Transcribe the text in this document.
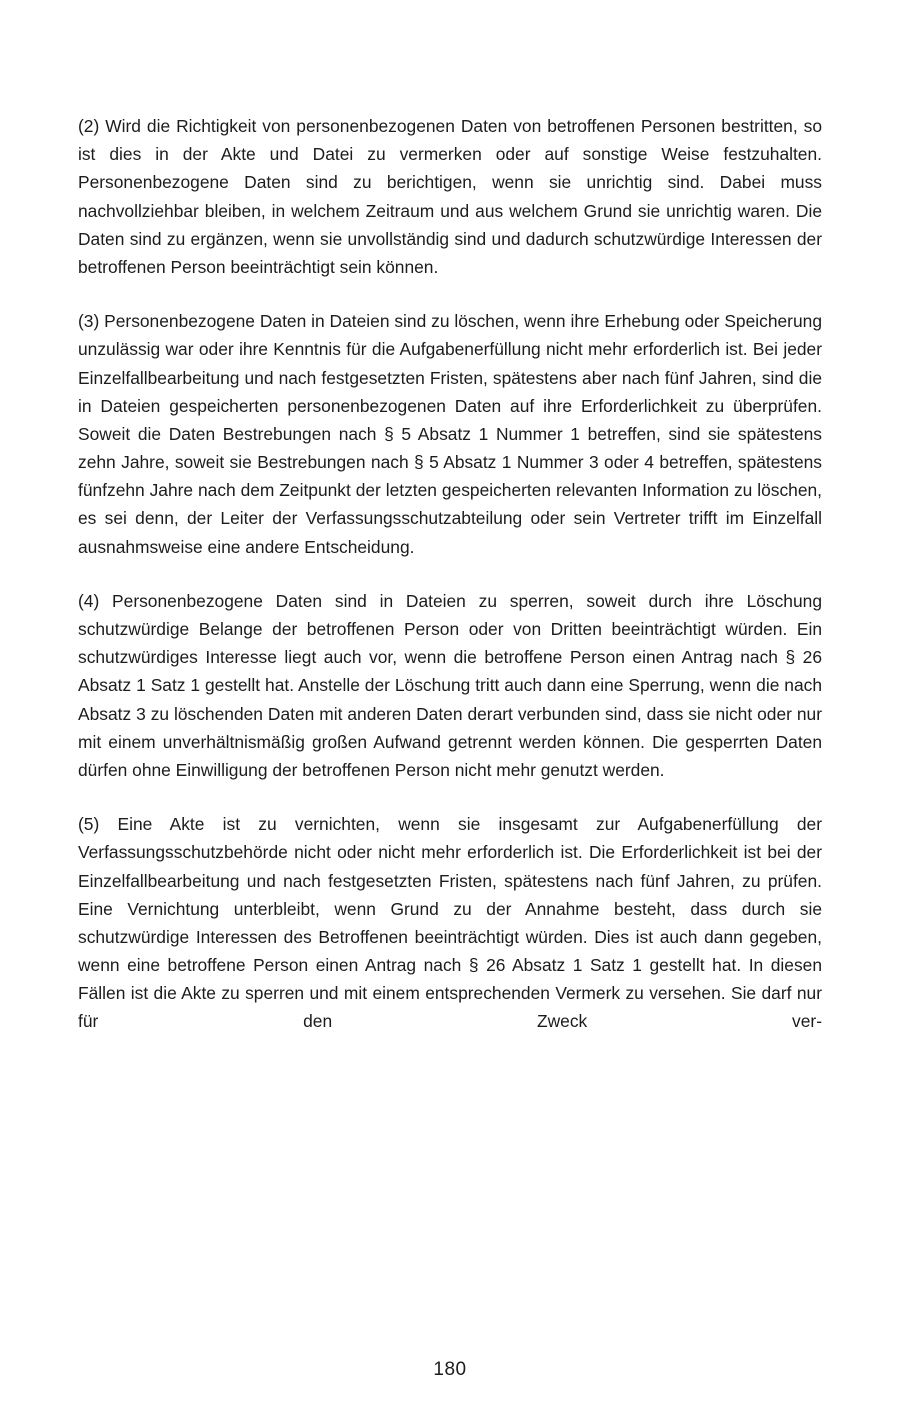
(2) Wird die Richtigkeit von personenbezogenen Daten von betroffenen Personen bestritten, so ist dies in der Akte und Datei zu vermerken oder auf sonstige Weise festzuhalten. Personenbezogene Daten sind zu berichtigen, wenn sie unrichtig sind. Dabei muss nachvollziehbar bleiben, in welchem Zeitraum und aus welchem Grund sie unrichtig waren. Die Daten sind zu ergänzen, wenn sie unvollständig sind und dadurch schutzwürdige Interessen der betroffenen Person beeinträchtigt sein können.

(3) Personenbezogene Daten in Dateien sind zu löschen, wenn ihre Erhebung oder Speicherung unzulässig war oder ihre Kenntnis für die Aufgabenerfüllung nicht mehr erforderlich ist. Bei jeder Einzelfallbearbeitung und nach festgesetzten Fristen, spätestens aber nach fünf Jahren, sind die in Dateien gespeicherten personenbezogenen Daten auf ihre Erforderlichkeit zu überprüfen. Soweit die Daten Bestrebungen nach § 5 Absatz 1 Nummer 1 betreffen, sind sie spätestens zehn Jahre, soweit sie Bestrebungen nach § 5 Absatz 1 Nummer 3 oder 4 betreffen, spätestens fünfzehn Jahre nach dem Zeitpunkt der letzten gespeicherten relevanten Information zu löschen, es sei denn, der Leiter der Verfassungsschutzabteilung oder sein Vertreter trifft im Einzelfall ausnahmsweise eine andere Entscheidung.

(4) Personenbezogene Daten sind in Dateien zu sperren, soweit durch ihre Löschung schutzwürdige Belange der betroffenen Person oder von Dritten beeinträchtigt würden. Ein schutzwürdiges Interesse liegt auch vor, wenn die betroffene Person einen Antrag nach § 26 Absatz 1 Satz 1 gestellt hat. Anstelle der Löschung tritt auch dann eine Sperrung, wenn die nach Absatz 3 zu löschenden Daten mit anderen Daten derart verbunden sind, dass sie nicht oder nur mit einem unverhältnismäßig großen Aufwand getrennt werden können. Die gesperrten Daten dürfen ohne Einwilligung der betroffenen Person nicht mehr genutzt werden.

(5) Eine Akte ist zu vernichten, wenn sie insgesamt zur Aufgabenerfüllung der Verfassungsschutzbehörde nicht oder nicht mehr erforderlich ist. Die Erforderlichkeit ist bei der Einzelfallbearbeitung und nach festgesetzten Fristen, spätestens nach fünf Jahren, zu prüfen. Eine Vernichtung unterbleibt, wenn Grund zu der Annahme besteht, dass durch sie schutzwürdige Interessen des Betroffenen beeinträchtigt würden. Dies ist auch dann gegeben, wenn eine betroffene Person einen Antrag nach § 26 Absatz 1 Satz 1 gestellt hat. In diesen Fällen ist die Akte zu sperren und mit einem entsprechenden Vermerk zu versehen. Sie darf nur für den Zweck ver-

180
